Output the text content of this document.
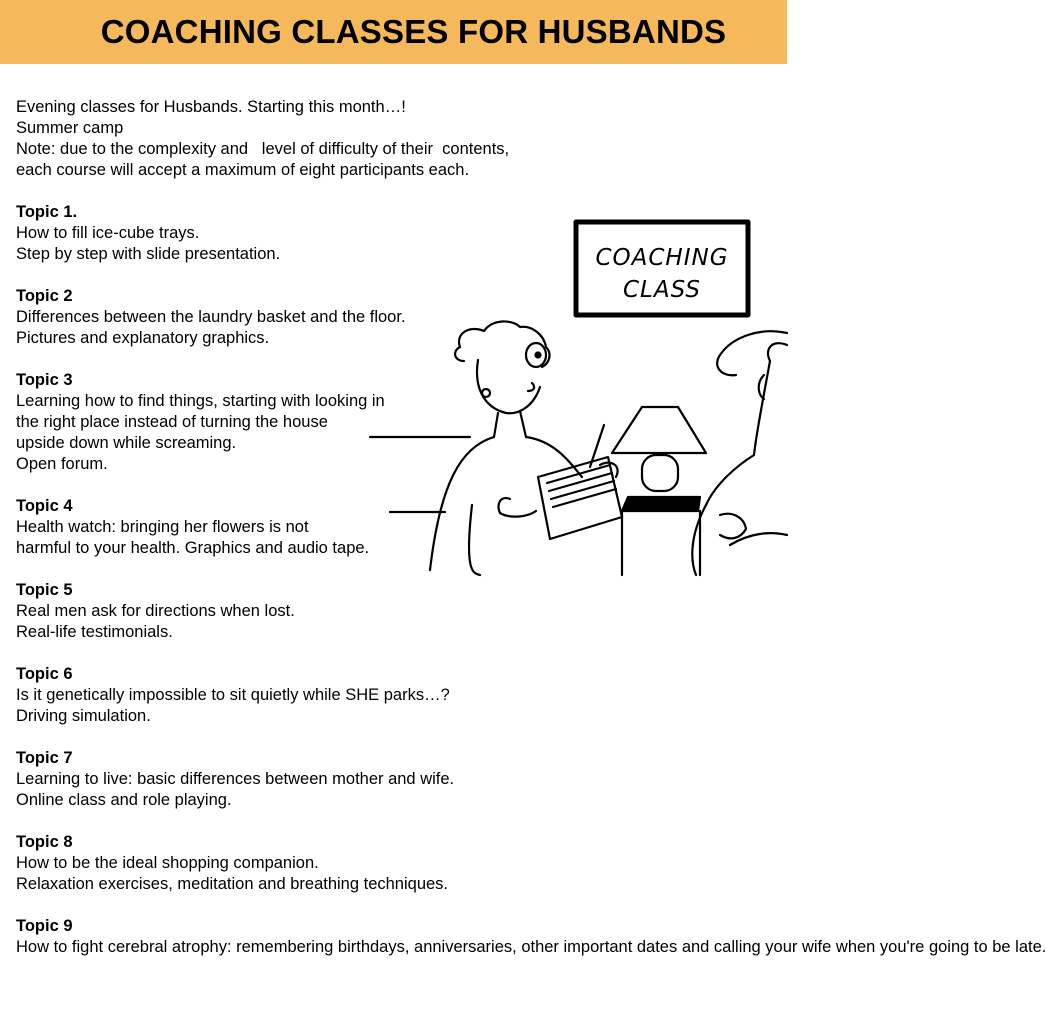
COACHING CLASSES FOR HUSBANDS
Evening classes for Husbands. Starting this month…!
Summer camp
Note: due to the complexity and   level of difficulty of their  contents,
each course will accept a maximum of eight participants each.
Topic 1.
How to fill ice-cube trays.
Step by step with slide presentation.
Topic 2
Differences between the laundry basket and the floor.
Pictures and explanatory graphics.
Topic 3
Learning how to find things, starting with looking in
the right place instead of turning the house
upside down while screaming.
Open forum.
Topic 4
Health watch: bringing her flowers is not
harmful to your health. Graphics and audio tape.
Topic 5
Real men ask for directions when lost.
Real-life testimonials.
Topic 6
Is it genetically impossible to sit quietly while SHE parks…?
Driving simulation.
Topic 7
Learning to live: basic differences between mother and wife.
Online class and role playing.
Topic 8
How to be the ideal shopping companion.
Relaxation exercises, meditation and breathing techniques.
Topic 9
How to fight cerebral atrophy: remembering birthdays, anniversaries, other important dates and calling your wife when you're going to be late.
COACHING
CLASS
